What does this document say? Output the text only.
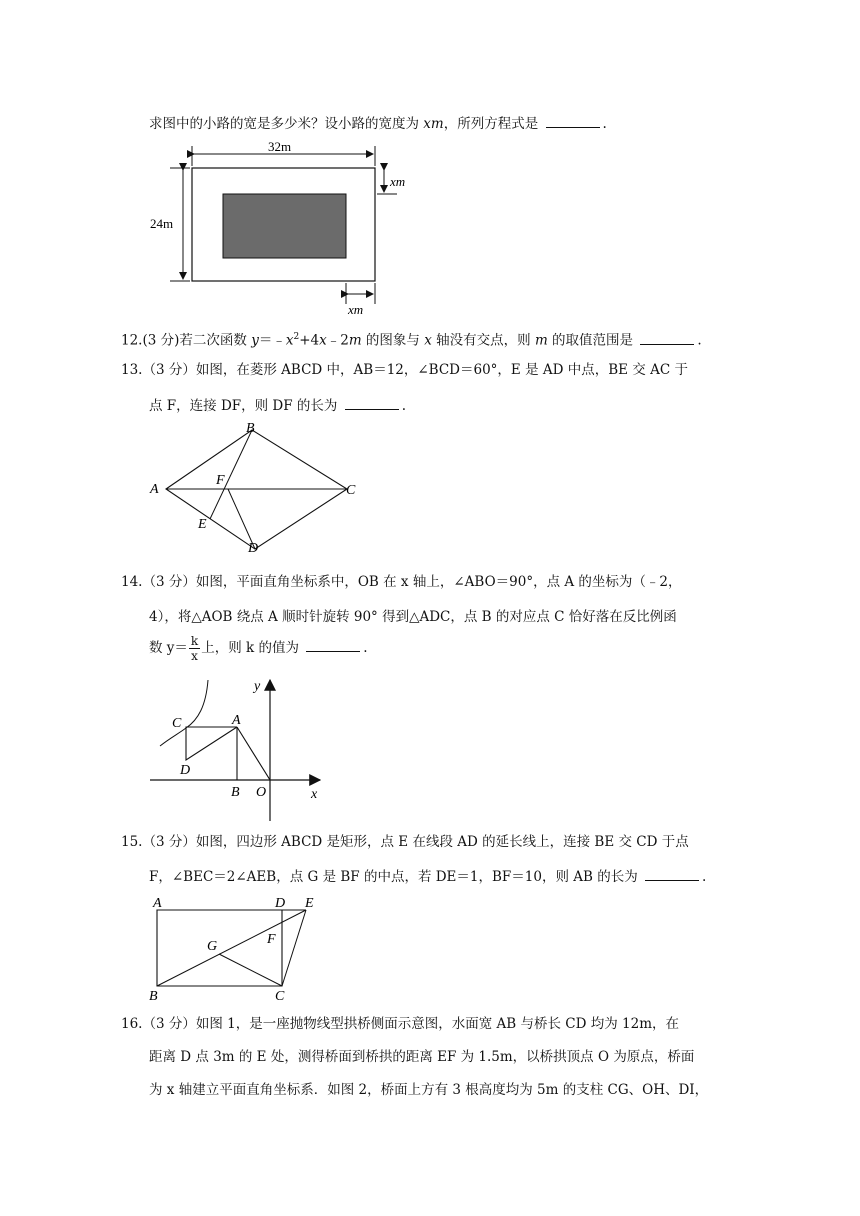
求图中的小路的宽是多少米？设小路的宽度为 xm，所列方程式是	.
32m
24m
xm
xm
12.(3 分)若二次函数 $y=﹣x^2+4x﹣2m$ 的图象与 x 轴没有交点，则 m 的取值范围是	.
13.（3 分）如图，在菱形 ABCD 中，AB＝12，∠BCD＝60°，E 是 AD 中点，BE 交 AC 于
点 F，连接 DF，则 DF 的长为	.
A
B
C
D
E
F
14.（3 分）如图，平面直角坐标系中，OB 在 x 轴上，∠ABO＝90°，点 A 的坐标为（﹣2，
4），将△AOB 绕点 A 顺时针旋转 90° 得到△ADC，点 B 的对应点 C 恰好落在反比例函
数 $y= \frac{k}{x}$ 上，则 k 的值为	.
y
x
A
B
C
D
O
15.（3 分）如图，四边形 ABCD 是矩形，点 E 在线段 AD 的延长线上，连接 BE 交 CD 于点
F，∠BEC＝2∠AEB，点 G 是 BF 的中点，若 DE＝1，BF＝10，则 AB 的长为	.
A
B	C
D E
F
G
16.（3 分）如图 1，是一座抛物线型拱桥侧面示意图，水面宽 AB 与桥长 CD 均为 12m，在
距离 D 点 3m 的 E 处，测得桥面到桥拱的距离 EF 为 1.5m，以桥拱顶点 O 为原点，桥面
为 x 轴建立平面直角坐标系．如图 2，桥面上方有 3 根高度均为 5m 的支柱 CG、OH、DI，
